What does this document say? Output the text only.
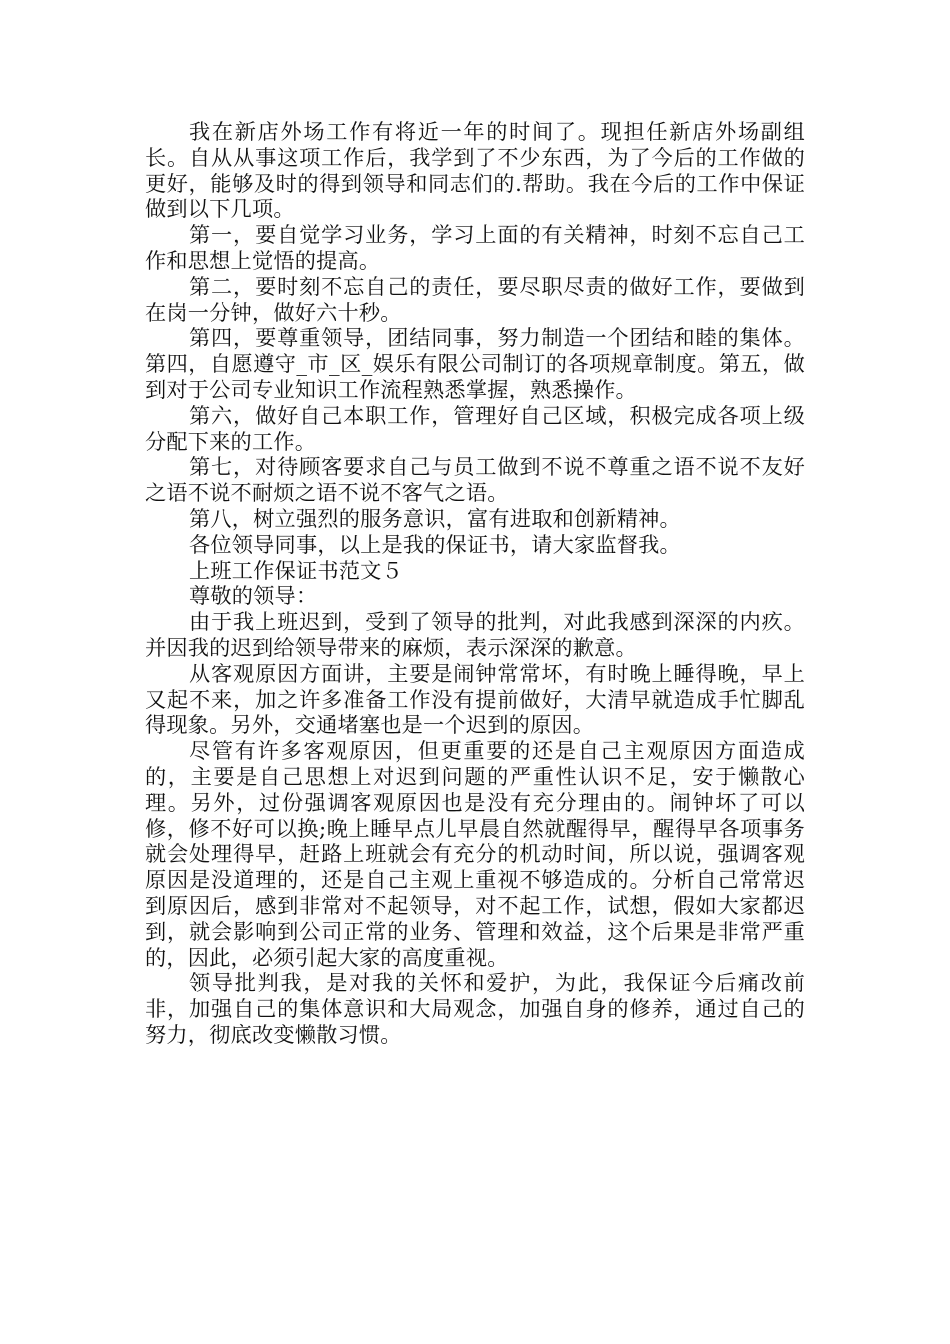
我在新店外场工作有将近一年的时间了。现担任新店外场副组长。自从从事这项工作后，我学到了不少东西，为了今后的工作做的更好，能够及时的得到领导和同志们的.帮助。我在今后的工作中保证做到以下几项。

第一，要自觉学习业务，学习上面的有关精神，时刻不忘自己工作和思想上觉悟的提高。

第二，要时刻不忘自己的责任，要尽职尽责的做好工作，要做到在岗一分钟，做好六十秒。

第四，要尊重领导，团结同事，努力制造一个团结和睦的集体。第四，自愿遵守_市_区_娱乐有限公司制订的各项规章制度。第五，做到对于公司专业知识工作流程熟悉掌握，熟悉操作。

第六，做好自己本职工作，管理好自己区域，积极完成各项上级分配下来的工作。

第七，对待顾客要求自己与员工做到不说不尊重之语不说不友好之语不说不耐烦之语不说不客气之语。

第八，树立强烈的服务意识，富有进取和创新精神。

各位领导同事，以上是我的保证书，请大家监督我。

上班工作保证书范文５

尊敬的领导：

由于我上班迟到，受到了领导的批判，对此我感到深深的内疚。并因我的迟到给领导带来的麻烦，表示深深的歉意。

从客观原因方面讲，主要是闹钟常常坏，有时晚上睡得晚，早上又起不来，加之许多准备工作没有提前做好，大清早就造成手忙脚乱得现象。另外，交通堵塞也是一个迟到的原因。

尽管有许多客观原因，但更重要的还是自己主观原因方面造成的，主要是自己思想上对迟到问题的严重性认识不足，安于懒散心理。另外，过份强调客观原因也是没有充分理由的。闹钟坏了可以修，修不好可以换;晚上睡早点儿早晨自然就醒得早，醒得早各项事务就会处理得早，赶路上班就会有充分的机动时间，所以说，强调客观原因是没道理的，还是自己主观上重视不够造成的。分析自己常常迟到原因后，感到非常对不起领导，对不起工作，试想，假如大家都迟到，就会影响到公司正常的业务、管理和效益，这个后果是非常严重的，因此，必须引起大家的高度重视。

领导批判我，是对我的关怀和爱护，为此，我保证今后痛改前非，加强自己的集体意识和大局观念，加强自身的修养，通过自己的努力，彻底改变懒散习惯。
